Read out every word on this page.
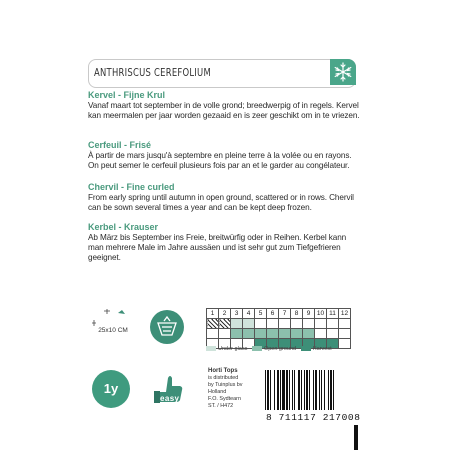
ANTHRISCUS CEREFOLIUM
Kervel - Fijne Krul
Vanaf maart tot september in de volle grond; breedwerpig of in regels. Kervel kan meermalen per jaar worden gezaaid en is zeer geschikt om in te vriezen.
Cerfeuil - Frisé
À partir de mars jusqu'à septembre en pleine terre à la volée ou en rayons. On peut semer le cerfeuil plusieurs fois par an et le garder au congélateur.
Chervil - Fine curled
From early spring until autumn in open ground, scattered or in rows. Chervil can be sown several times a year and can be kept deep frozen.
Kerbel - Krauser
Ab März bis September ins Freie, breitwürfig oder in Reihen. Kerbel kann man mehrere Male im Jahre aussäen und ist sehr gut zum Tiefgefrieren geeignet.
25x10 CM
1y
easy
1	2	3	4	5	6	7	8	9	10	11	12

Under glass	Open ground	Harvest
Horti Tops
is distributed
by Tuinplus bv
Holland
F.O. Sydtearn
ST. / H472
8 711117 217008
